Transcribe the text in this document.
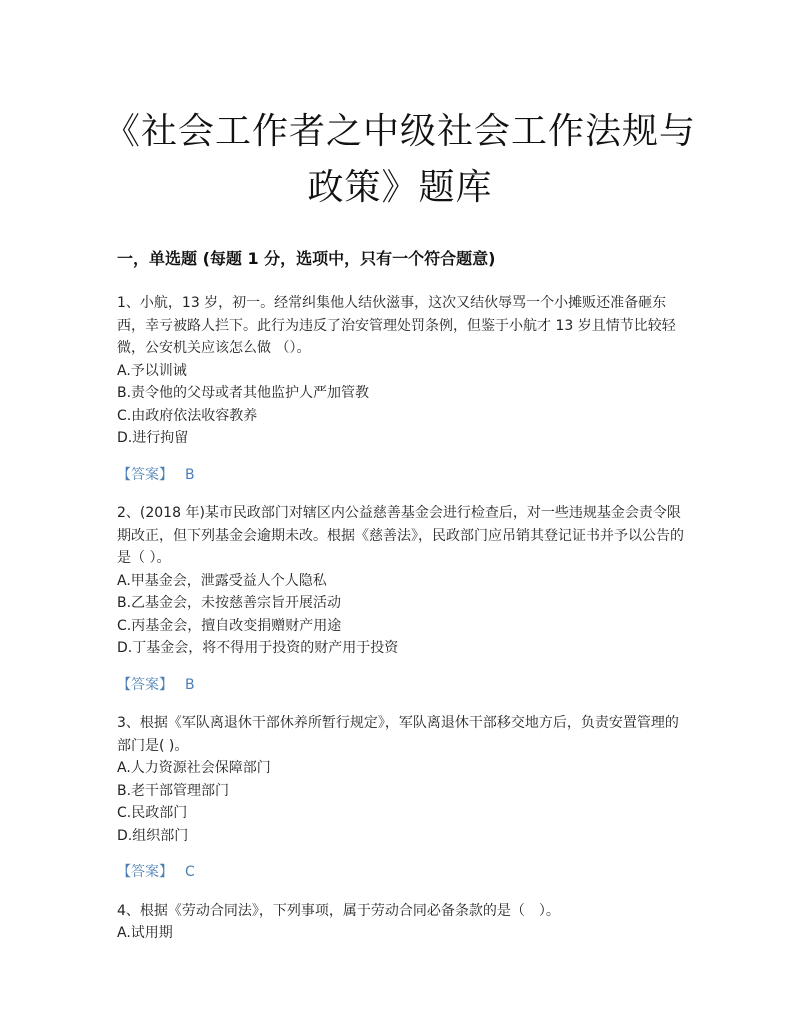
《社会工作者之中级社会工作法规与
政策》题库
一，单选题 (每题 1 分，选项中，只有一个符合题意)

1、小航，13 岁，初一。经常纠集他人结伙滋事，这次又结伙辱骂一个小摊贩还准备砸东西，幸亏被路人拦下。此行为违反了治安管理处罚条例，但鉴于小航才 13 岁且情节比较轻微，公安机关应该怎么做 （）。

A.予以训诫

B.责令他的父母或者其他监护人严加管教

C.由政府依法收容教养

D.进行拘留

【答案】 B

2、(2018 年)某市民政部门对辖区内公益慈善基金会进行检查后，对一些违规基金会责令限期改正，但下列基金会逾期未改。根据《慈善法》，民政部门应吊销其登记证书并予以公告的是（ ）。

A.甲基金会，泄露受益人个人隐私

B.乙基金会，未按慈善宗旨开展活动

C.丙基金会，擅自改变捐赠财产用途

D.丁基金会，将不得用于投资的财产用于投资

【答案】 B

3、根据《军队离退休干部休养所暂行规定》，军队离退休干部移交地方后，负责安置管理的部门是( )。

A.人力资源社会保障部门

B.老干部管理部门

C.民政部门

D.组织部门

【答案】 C

4、根据《劳动合同法》，下列事项，属于劳动合同必备条款的是（　）。

A.试用期
